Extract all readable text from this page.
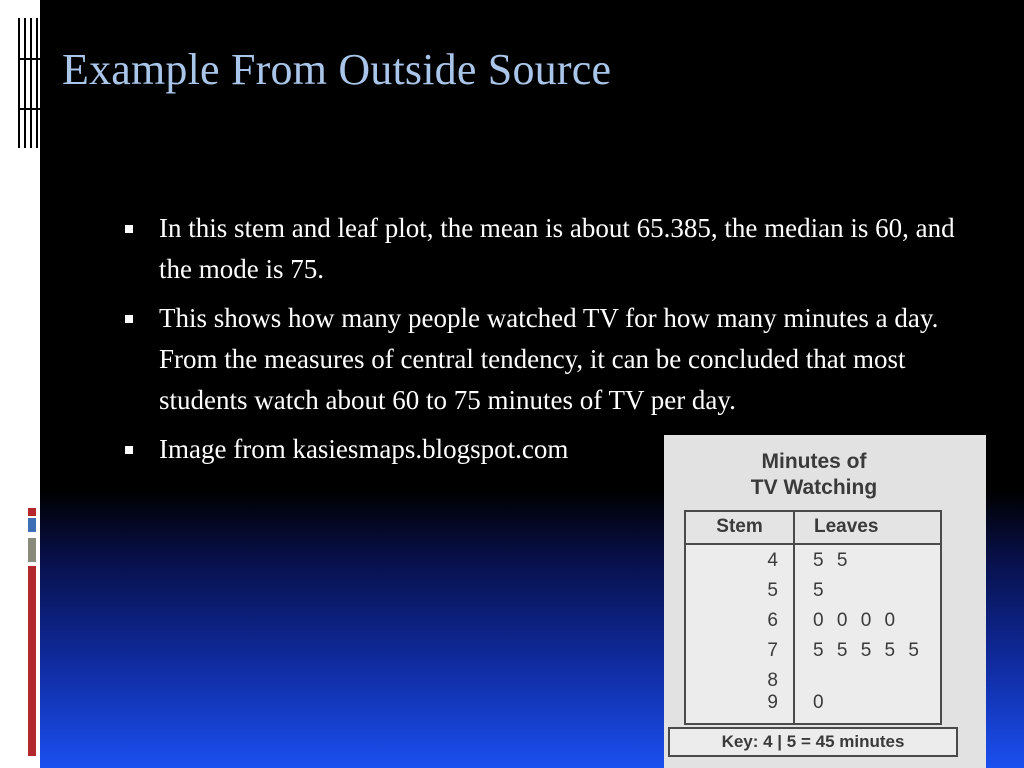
Example From Outside Source
In this stem and leaf plot, the mean is about 65.385, the median is 60, and the mode is 75.
This shows how many people watched TV for how many minutes a day. From the measures of central tendency, it can be concluded that most students watch about 60 to 75 minutes of TV per day.
Image from kasiesmaps.blogspot.com	Minutes of
TV Watching
Stem	Leaves
4 5 5
5 5
6 0 0 0 0
7 5 5 5 5 5
8
9 0
Key: 4 | 5 = 45 minutes
